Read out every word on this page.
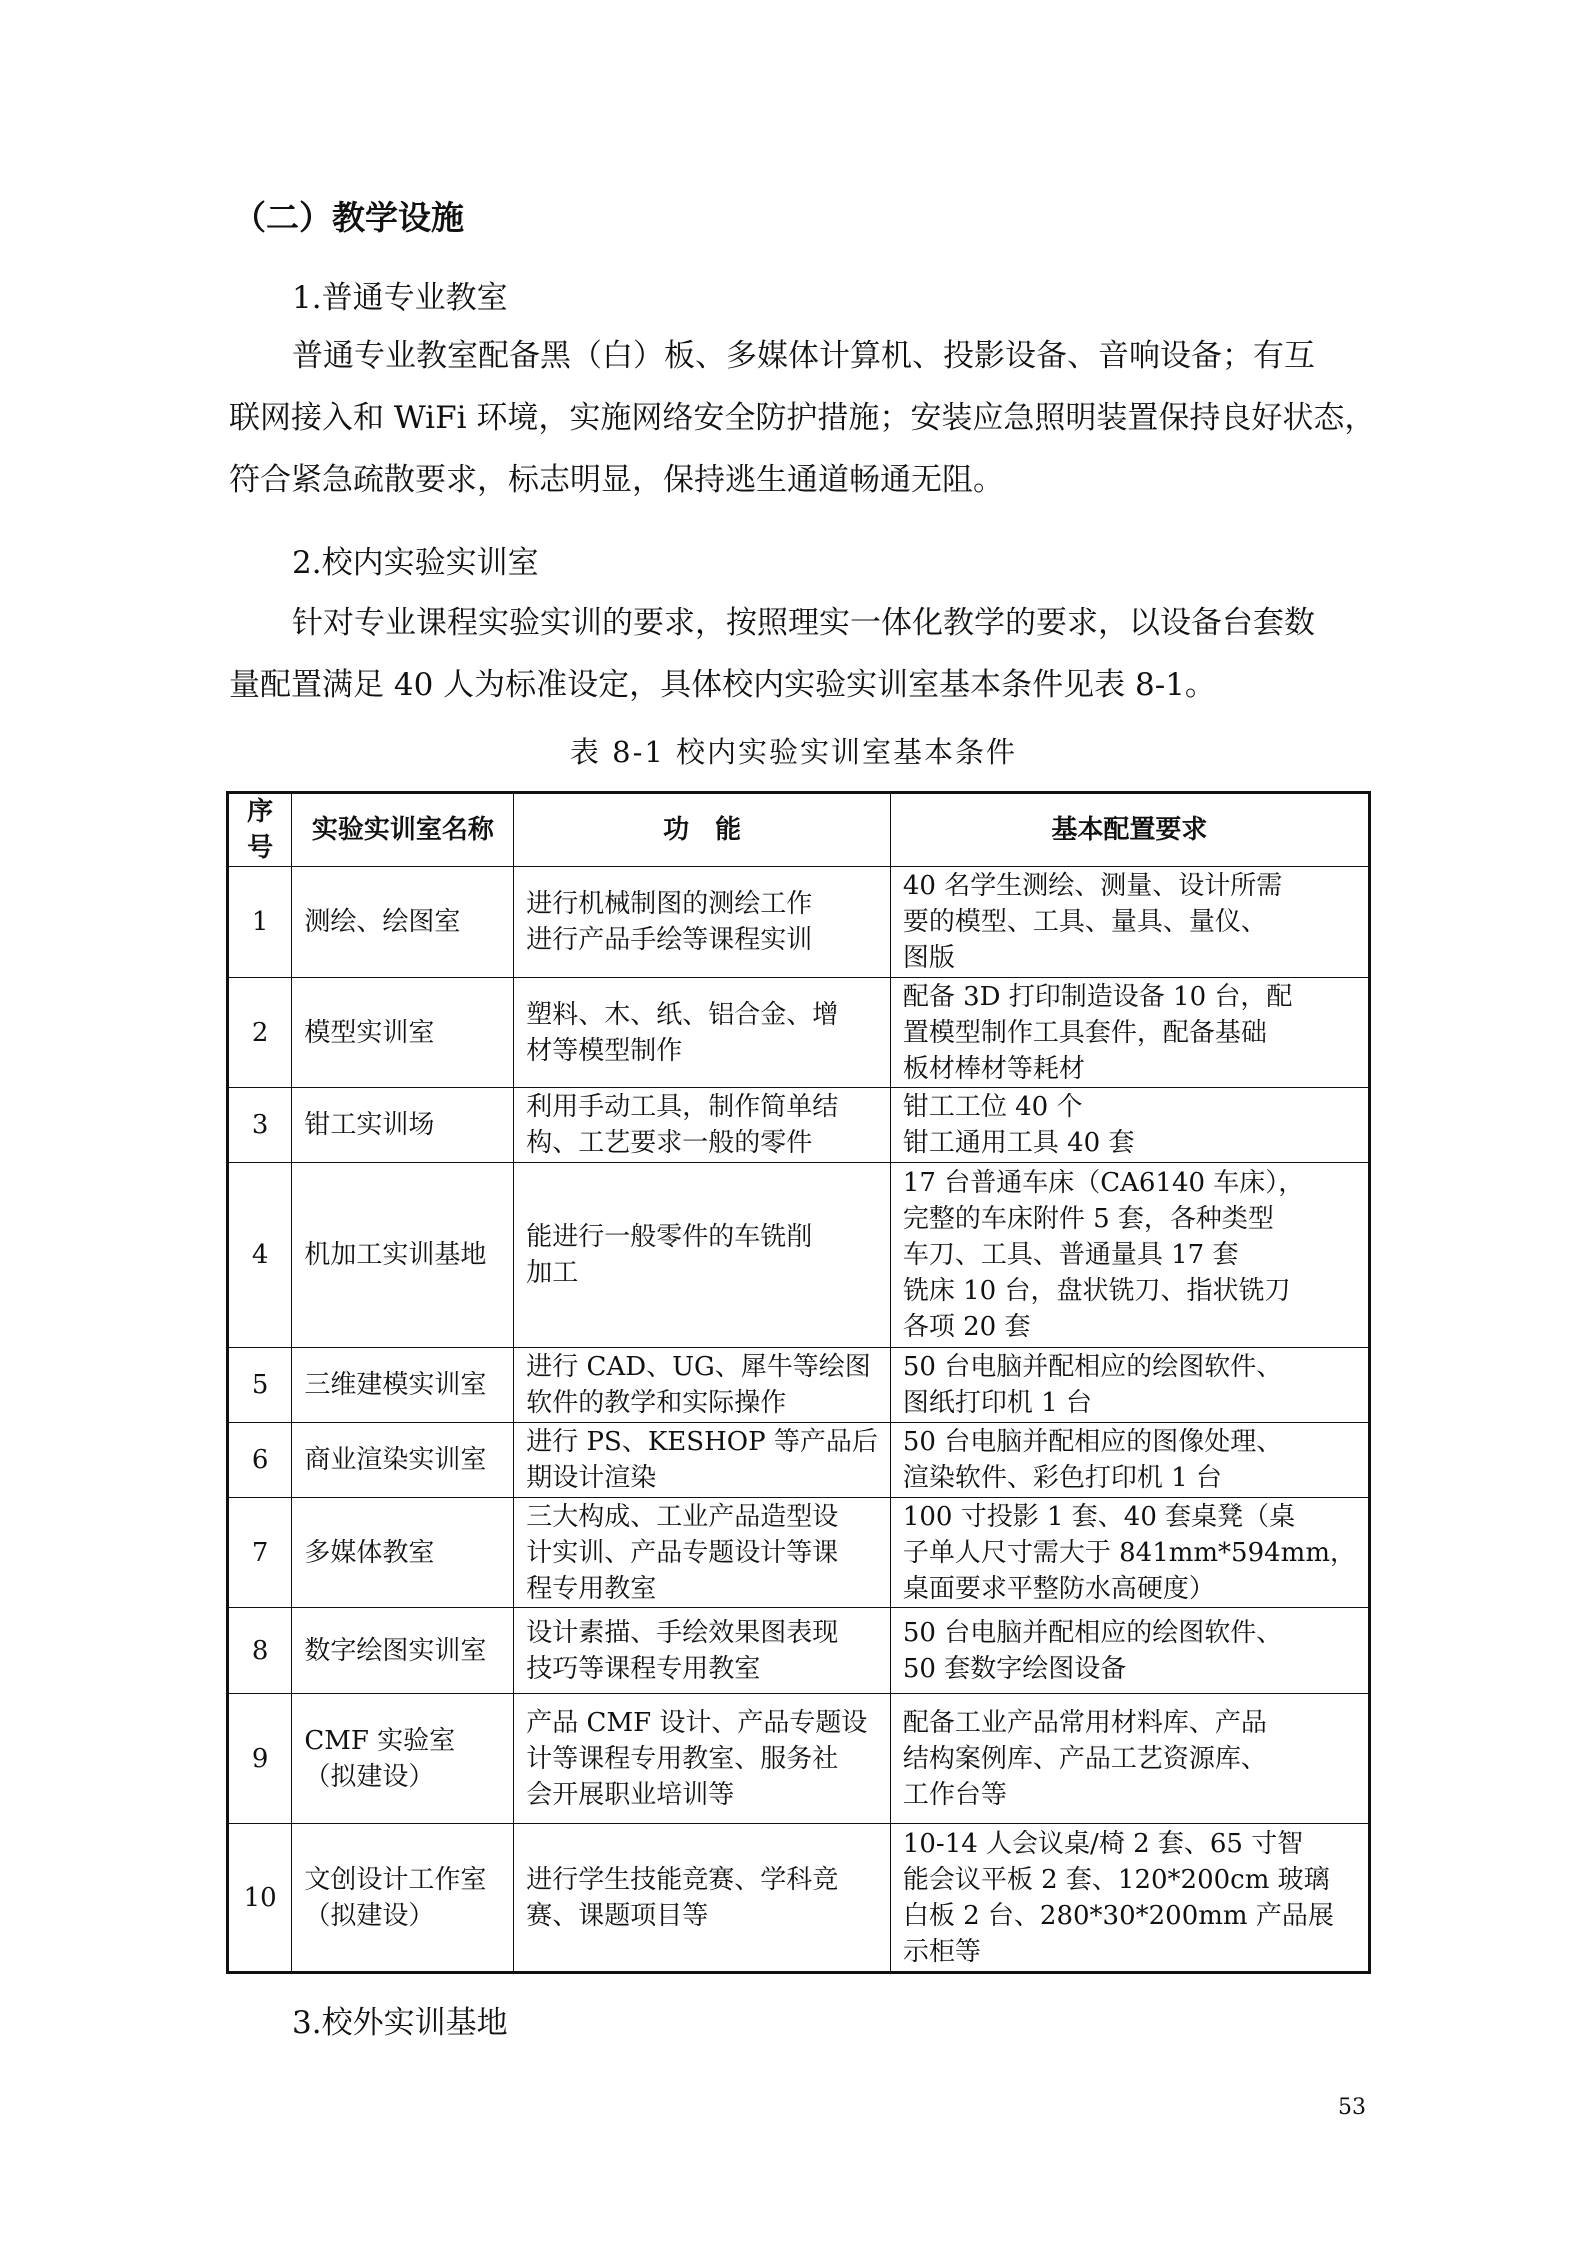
（二）教学设施
1.普通专业教室
普通专业教室配备黑（白）板、多媒体计算机、投影设备、音响设备；有互
联网接入和 WiFi 环境，实施网络安全防护措施；安装应急照明装置保持良好状态，
符合紧急疏散要求，标志明显，保持逃生通道畅通无阻。
2.校内实验实训室
针对专业课程实验实训的要求，按照理实一体化教学的要求，以设备台套数
量配置满足 40 人为标准设定，具体校内实验实训室基本条件见表 8-1。
表 8-1 校内实验实训室基本条件
序号	实验实训室名称	功　能	基本配置要求
1	测绘、绘图室	进行机械制图的测绘工作
进行产品手绘等课程实训	40 名学生测绘、测量、设计所需
要的模型、工具、量具、量仪、
图版

2	模型实训室	塑料、木、纸、铝合金、增
材等模型制作	配备 3D 打印制造设备 10 台，配
置模型制作工具套件，配备基础
板材棒材等耗材

3	钳工实训场	利用手动工具，制作简单结
构、工艺要求一般的零件	钳工工位 40 个
钳工通用工具 40 套

4	机加工实训基地	能进行一般零件的车铣削
加工	17 台普通车床（CA6140 车床），
完整的车床附件 5 套，各种类型
车刀、工具、普通量具 17 套
铣床 10 台，盘状铣刀、指状铣刀
各项 20 套

5	三维建模实训室	进行 CAD、UG、犀牛等绘图
软件的教学和实际操作	50 台电脑并配相应的绘图软件、
图纸打印机 1 台

6	商业渲染实训室	进行 PS、KESHOP 等产品后
期设计渲染	50 台电脑并配相应的图像处理、
渲染软件、彩色打印机 1 台

7	多媒体教室	三大构成、工业产品造型设
计实训、产品专题设计等课
程专用教室	100 寸投影 1 套、40 套桌凳（桌
子单人尺寸需大于 841mm*594mm，
桌面要求平整防水高硬度）

8	数字绘图实训室	设计素描、手绘效果图表现
技巧等课程专用教室	50 台电脑并配相应的绘图软件、
50 套数字绘图设备

9	CMF 实验室
（拟建设）	产品 CMF 设计、产品专题设
计等课程专用教室、服务社
会开展职业培训等	配备工业产品常用材料库、产品
结构案例库、产品工艺资源库、
工作台等

10	文创设计工作室
（拟建设）	进行学生技能竞赛、学科竞
赛、课题项目等	10-14 人会议桌/椅 2 套、65 寸智
能会议平板 2 套、120*200cm 玻璃
白板 2 台、280*30*200mm 产品展
示柜等
3.校外实训基地
53
